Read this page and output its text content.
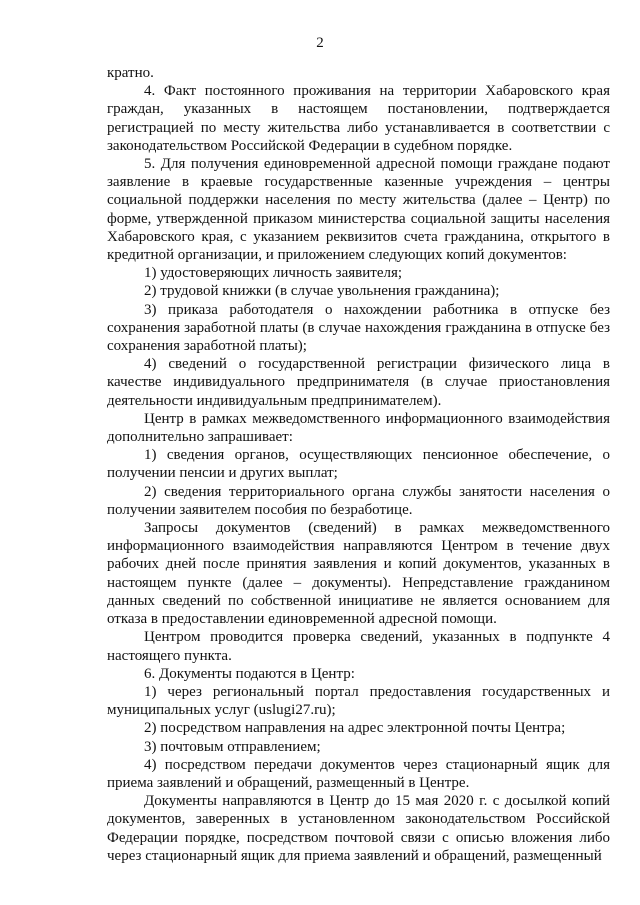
2

кратно.

4. Факт постоянного проживания на территории Хабаровского края граждан, указанных в настоящем постановлении, подтверждается регистрацией по месту жительства либо устанавливается в соответствии с законодательством Российской Федерации в судебном порядке.

5. Для получения единовременной адресной помощи граждане подают заявление в краевые государственные казенные учреждения – центры социальной поддержки населения по месту жительства (далее – Центр) по форме, утвержденной приказом министерства социальной защиты населения Хабаровского края, с указанием реквизитов счета гражданина, открытого в кредитной организации, и приложением следующих копий документов:

1) удостоверяющих личность заявителя;

2) трудовой книжки (в случае увольнения гражданина);

3) приказа работодателя о нахождении работника в отпуске без сохранения заработной платы (в случае нахождения гражданина в отпуске без сохранения заработной платы);

4) сведений о государственной регистрации физического лица в качестве индивидуального предпринимателя (в случае приостановления деятельности индивидуальным предпринимателем).

Центр в рамках межведомственного информационного взаимодействия дополнительно запрашивает:

1) сведения органов, осуществляющих пенсионное обеспечение, о получении пенсии и других выплат;

2) сведения территориального органа службы занятости населения о получении заявителем пособия по безработице.

Запросы документов (сведений) в рамках межведомственного информационного взаимодействия направляются Центром в течение двух рабочих дней после принятия заявления и копий документов, указанных в настоящем пункте (далее – документы). Непредставление гражданином данных сведений по собственной инициативе не является основанием для отказа в предоставлении единовременной адресной помощи.

Центром проводится проверка сведений, указанных в подпункте 4 настоящего пункта.

6. Документы подаются в Центр:

1) через региональный портал предоставления государственных и муниципальных услуг (uslugi27.ru);

2) посредством направления на адрес электронной почты Центра;

3) почтовым отправлением;

4) посредством передачи документов через стационарный ящик для приема заявлений и обращений, размещенный в Центре.

Документы направляются в Центр до 15 мая 2020 г. с досылкой копий документов, заверенных в установленном законодательством Российской Федерации порядке, посредством почтовой связи с описью вложения либо через стационарный ящик для приема заявлений и обращений, размещенный
